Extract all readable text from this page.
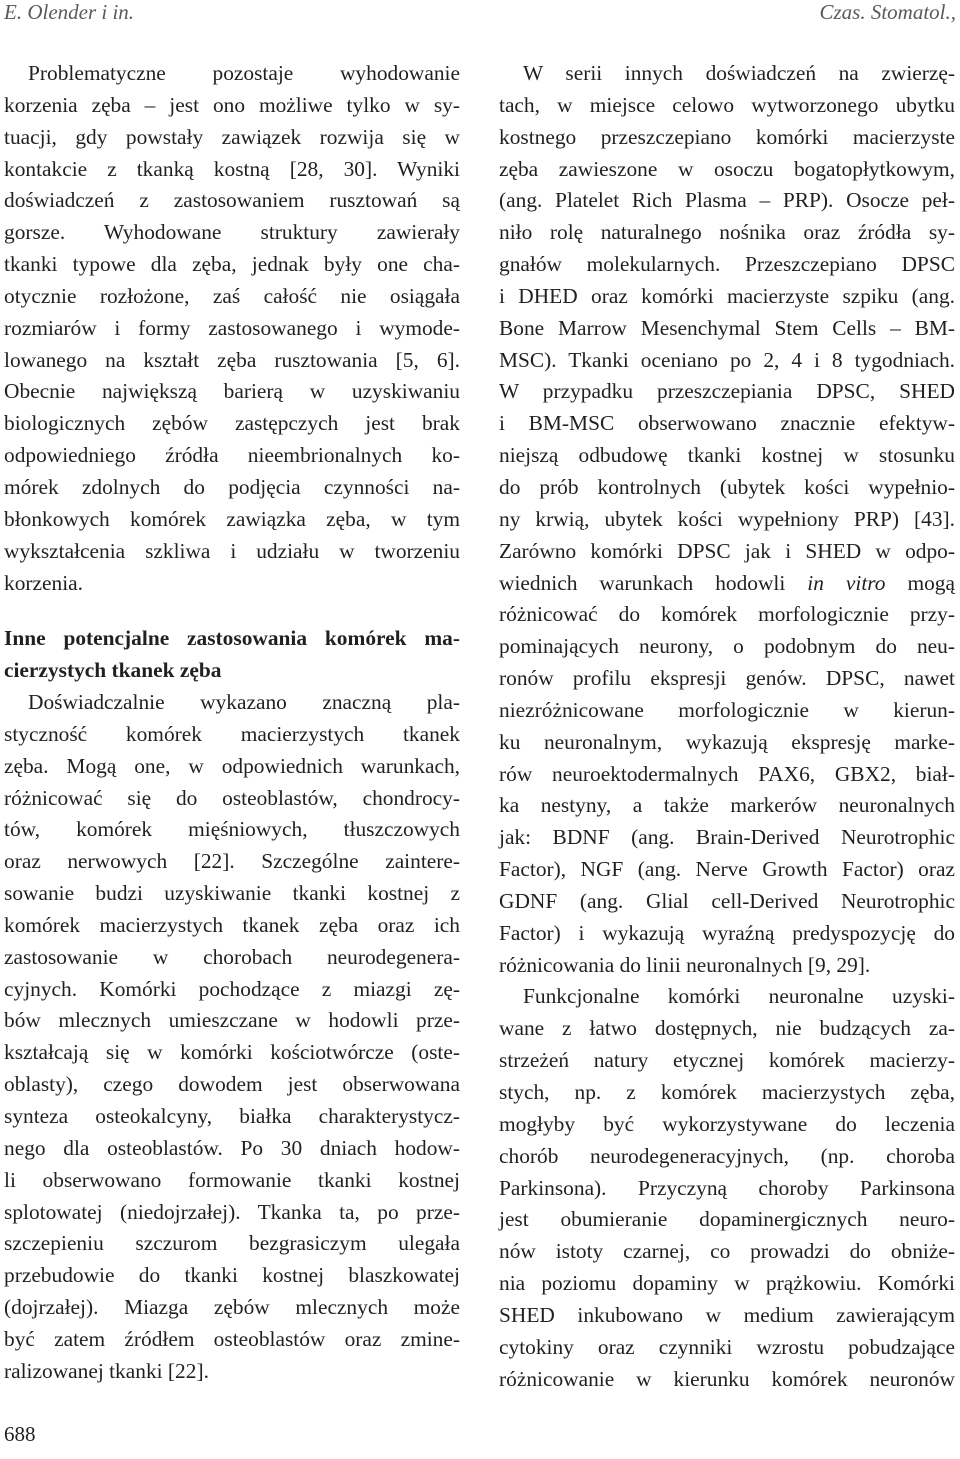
E. Olender i in.	Czas. Stomatol.,
Problematyczne pozostaje wyhodowanie
korzenia zęba – jest ono możliwe tylko w sy-
tuacji, gdy powstały zawiązek rozwija się w
kontakcie z tkanką kostną [28, 30]. Wyniki
doświadczeń z zastosowaniem rusztowań są
gorsze. Wyhodowane struktury zawierały
tkanki typowe dla zęba, jednak były one cha-
otycznie rozłożone, zaś całość nie osiągała
rozmiarów i formy zastosowanego i wymode-
lowanego na kształt zęba rusztowania [5, 6].
Obecnie największą barierą w uzyskiwaniu
biologicznych zębów zastępczych jest brak
odpowiedniego źródła nieembrionalnych ko-
mórek zdolnych do podjęcia czynności na-
błonkowych komórek zawiązka zęba, w tym
wykształcenia szkliwa i udziału w tworzeniu
korzenia.
Inne potencjalne zastosowania komórek ma-
cierzystych tkanek zęba
Doświadczalnie wykazano znaczną pla-
styczność komórek macierzystych tkanek
zęba. Mogą one, w odpowiednich warunkach,
różnicować się do osteoblastów, chondrocy-
tów, komórek mięśniowych, tłuszczowych
oraz nerwowych [22]. Szczególne zaintere-
sowanie budzi uzyskiwanie tkanki kostnej z
komórek macierzystych tkanek zęba oraz ich
zastosowanie w chorobach neurodegenera-
cyjnych. Komórki pochodzące z miazgi zę-
bów mlecznych umieszczane w hodowli prze-
kształcają się w komórki kościotwórcze (oste-
oblasty), czego dowodem jest obserwowana
synteza osteokalcyny, białka charakterystycz-
nego dla osteoblastów. Po 30 dniach hodow-
li obserwowano formowanie tkanki kostnej
splotowatej (niedojrzałej). Tkanka ta, po prze-
szczepieniu szczurom bezgrasiczym ulegała
przebudowie do tkanki kostnej blaszkowatej
(dojrzałej). Miazga zębów mlecznych może
być zatem źródłem osteoblastów oraz zmine-
ralizowanej tkanki [22].
W serii innych doświadczeń na zwierzę-
tach, w miejsce celowo wytworzonego ubytku
kostnego przeszczepiano komórki macierzyste
zęba zawieszone w osoczu bogatopłytkowym,
(ang. Platelet Rich Plasma – PRP). Osocze peł-
niło rolę naturalnego nośnika oraz źródła sy-
gnałów molekularnych. Przeszczepiano DPSC
i DHED oraz komórki macierzyste szpiku (ang.
Bone Marrow Mesenchymal Stem Cells – BM-
MSC). Tkanki oceniano po 2, 4 i 8 tygodniach.
W przypadku przeszczepiania DPSC, SHED
i BM-MSC obserwowano znacznie efektyw-
niejszą odbudowę tkanki kostnej w stosunku
do prób kontrolnych (ubytek kości wypełnio-
ny krwią, ubytek kości wypełniony PRP) [43].
Zarówno komórki DPSC jak i SHED w odpo-
wiednich warunkach hodowli in vitro mogą
różnicować do komórek morfologicznie przy-
pominających neurony, o podobnym do neu-
ronów profilu ekspresji genów. DPSC, nawet
niezróżnicowane morfologicznie w kierun-
ku neuronalnym, wykazują ekspresję marke-
rów neuroektodermalnych PAX6, GBX2, biał-
ka nestyny, a także markerów neuronalnych
jak: BDNF (ang. Brain-Derived Neurotrophic
Factor), NGF (ang. Nerve Growth Factor) oraz
GDNF (ang. Glial cell-Derived Neurotrophic
Factor) i wykazują wyraźną predyspozycję do
różnicowania do linii neuronalnych [9, 29].
Funkcjonalne komórki neuronalne uzyski-
wane z łatwo dostępnych, nie budzących za-
strzeżeń natury etycznej komórek macierzy-
stych, np. z komórek macierzystych zęba,
mogłyby być wykorzystywane do leczenia
chorób neurodegeneracyjnych, (np. choroba
Parkinsona). Przyczyną choroby Parkinsona
jest obumieranie dopaminergicznych neuro-
nów istoty czarnej, co prowadzi do obniże-
nia poziomu dopaminy w prążkowiu. Komórki
SHED inkubowano w medium zawierającym
cytokiny oraz czynniki wzrostu pobudzające
różnicowanie w kierunku komórek neuronów
688
